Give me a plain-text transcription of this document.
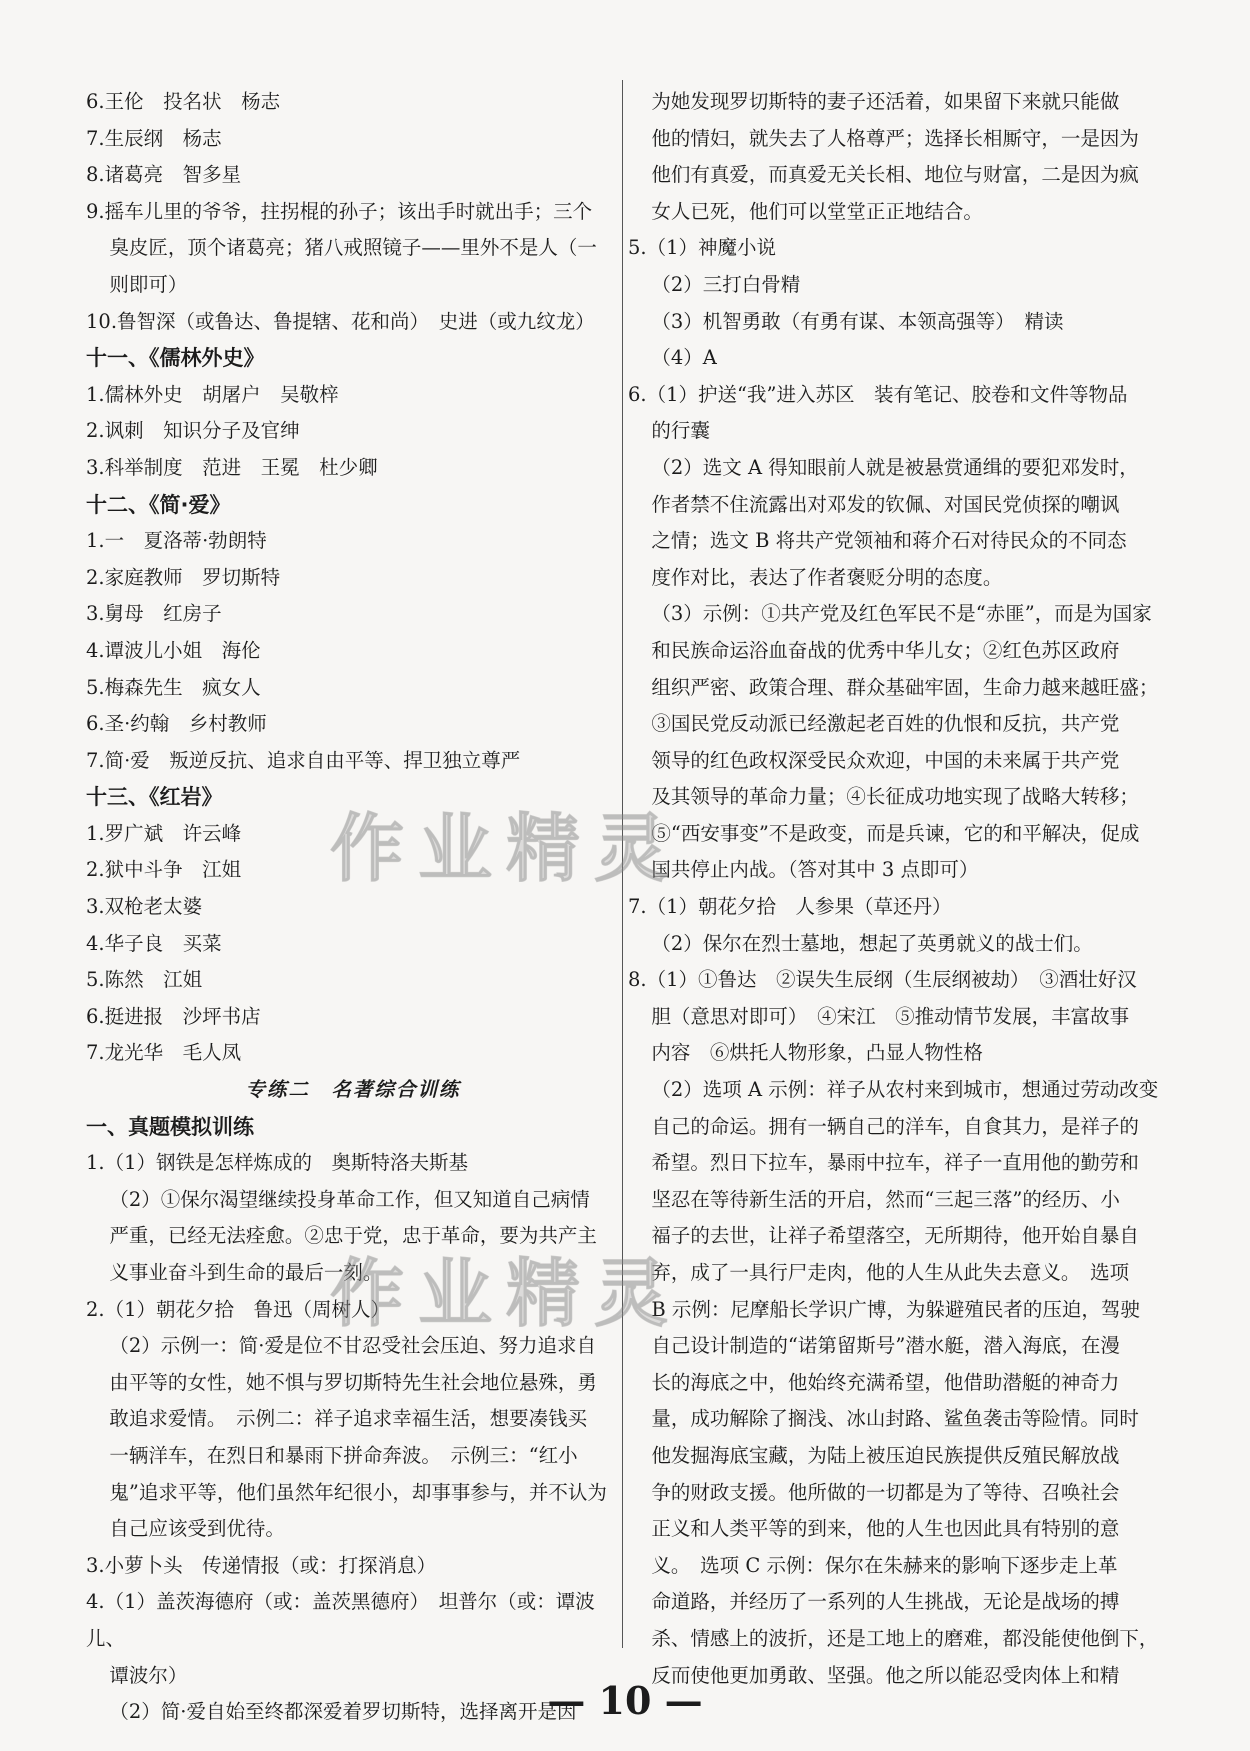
6.王伦　投名状　杨志

7.生辰纲　杨志

8.诸葛亮　智多星

9.摇车儿里的爷爷，拄拐棍的孙子；该出手时就出手；三个

臭皮匠，顶个诸葛亮；猪八戒照镜子——里外不是人（一

则即可）

10.鲁智深（或鲁达、鲁提辖、花和尚）　史进（或九纹龙）

十一、《儒林外史》

1.儒林外史　胡屠户　吴敬梓

2.讽刺　知识分子及官绅

3.科举制度　范进　王冕　杜少卿

十二、《简·爱》

1.一　夏洛蒂·勃朗特

2.家庭教师　罗切斯特

3.舅母　红房子

4.谭波儿小姐　海伦

5.梅森先生　疯女人

6.圣·约翰　乡村教师

7.简·爱　叛逆反抗、追求自由平等、捍卫独立尊严

十三、《红岩》

1.罗广斌　许云峰

2.狱中斗争　江姐

3.双枪老太婆

4.华子良　买菜

5.陈然　江姐

6.挺进报　沙坪书店

7.龙光华　毛人凤

专练二　名著综合训练

一、真题模拟训练

1.（1）钢铁是怎样炼成的　奥斯特洛夫斯基

（2）①保尔渴望继续投身革命工作，但又知道自己病情

严重，已经无法痊愈。②忠于党，忠于革命，要为共产主

义事业奋斗到生命的最后一刻。

2.（1）朝花夕拾　鲁迅（周树人）

（2）示例一：简·爱是位不甘忍受社会压迫、努力追求自

由平等的女性，她不惧与罗切斯特先生社会地位悬殊，勇

敢追求爱情。　示例二：祥子追求幸福生活，想要凑钱买

一辆洋车，在烈日和暴雨下拼命奔波。　示例三：“红小

鬼”追求平等，他们虽然年纪很小，却事事参与，并不认为

自己应该受到优待。

3.小萝卜头　传递情报（或：打探消息）

4.（1）盖茨海德府（或：盖茨黑德府）　坦普尔（或：谭波儿、

谭波尔）

（2）简·爱自始至终都深爱着罗切斯特，选择离开是因

为她发现罗切斯特的妻子还活着，如果留下来就只能做

他的情妇，就失去了人格尊严；选择长相厮守，一是因为

他们有真爱，而真爱无关长相、地位与财富，二是因为疯

女人已死，他们可以堂堂正正地结合。

5.（1）神魔小说

（2）三打白骨精

（3）机智勇敢（有勇有谋、本领高强等）　精读

（4）A

6.（1）护送“我”进入苏区　装有笔记、胶卷和文件等物品

的行囊

（2）选文 A 得知眼前人就是被悬赏通缉的要犯邓发时，

作者禁不住流露出对邓发的钦佩、对国民党侦探的嘲讽

之情；选文 B 将共产党领袖和蒋介石对待民众的不同态

度作对比，表达了作者褒贬分明的态度。

（3）示例：①共产党及红色军民不是“赤匪”，而是为国家

和民族命运浴血奋战的优秀中华儿女；②红色苏区政府

组织严密、政策合理、群众基础牢固，生命力越来越旺盛；

③国民党反动派已经激起老百姓的仇恨和反抗，共产党

领导的红色政权深受民众欢迎，中国的未来属于共产党

及其领导的革命力量；④长征成功地实现了战略大转移；

⑤“西安事变”不是政变，而是兵谏，它的和平解决，促成

国共停止内战。（答对其中 3 点即可）

7.（1）朝花夕拾　人参果（草还丹）

（2）保尔在烈士墓地，想起了英勇就义的战士们。

8.（1）①鲁达　②误失生辰纲（生辰纲被劫）　③酒壮好汉

胆（意思对即可）　④宋江　⑤推动情节发展，丰富故事

内容　⑥烘托人物形象，凸显人物性格

（2）选项 A 示例：祥子从农村来到城市，想通过劳动改变

自己的命运。拥有一辆自己的洋车，自食其力，是祥子的

希望。烈日下拉车，暴雨中拉车，祥子一直用他的勤劳和

坚忍在等待新生活的开启，然而“三起三落”的经历、小

福子的去世，让祥子希望落空，无所期待，他开始自暴自

弃，成了一具行尸走肉，他的人生从此失去意义。　选项

B 示例：尼摩船长学识广博，为躲避殖民者的压迫，驾驶

自己设计制造的“诺第留斯号”潜水艇，潜入海底，在漫

长的海底之中，他始终充满希望，他借助潜艇的神奇力

量，成功解除了搁浅、冰山封路、鲨鱼袭击等险情。同时

他发掘海底宝藏，为陆上被压迫民族提供反殖民解放战

争的财政支援。他所做的一切都是为了等待、召唤社会

正义和人类平等的到来，他的人生也因此具有特别的意

义。　选项 C 示例：保尔在朱赫来的影响下逐步走上革

命道路，并经历了一系列的人生挑战，无论是战场的搏

杀、情感上的波折，还是工地上的磨难，都没能使他倒下，

反而使他更加勇敢、坚强。他之所以能忍受肉体上和精

作业精灵
作业精灵
— 10 —
